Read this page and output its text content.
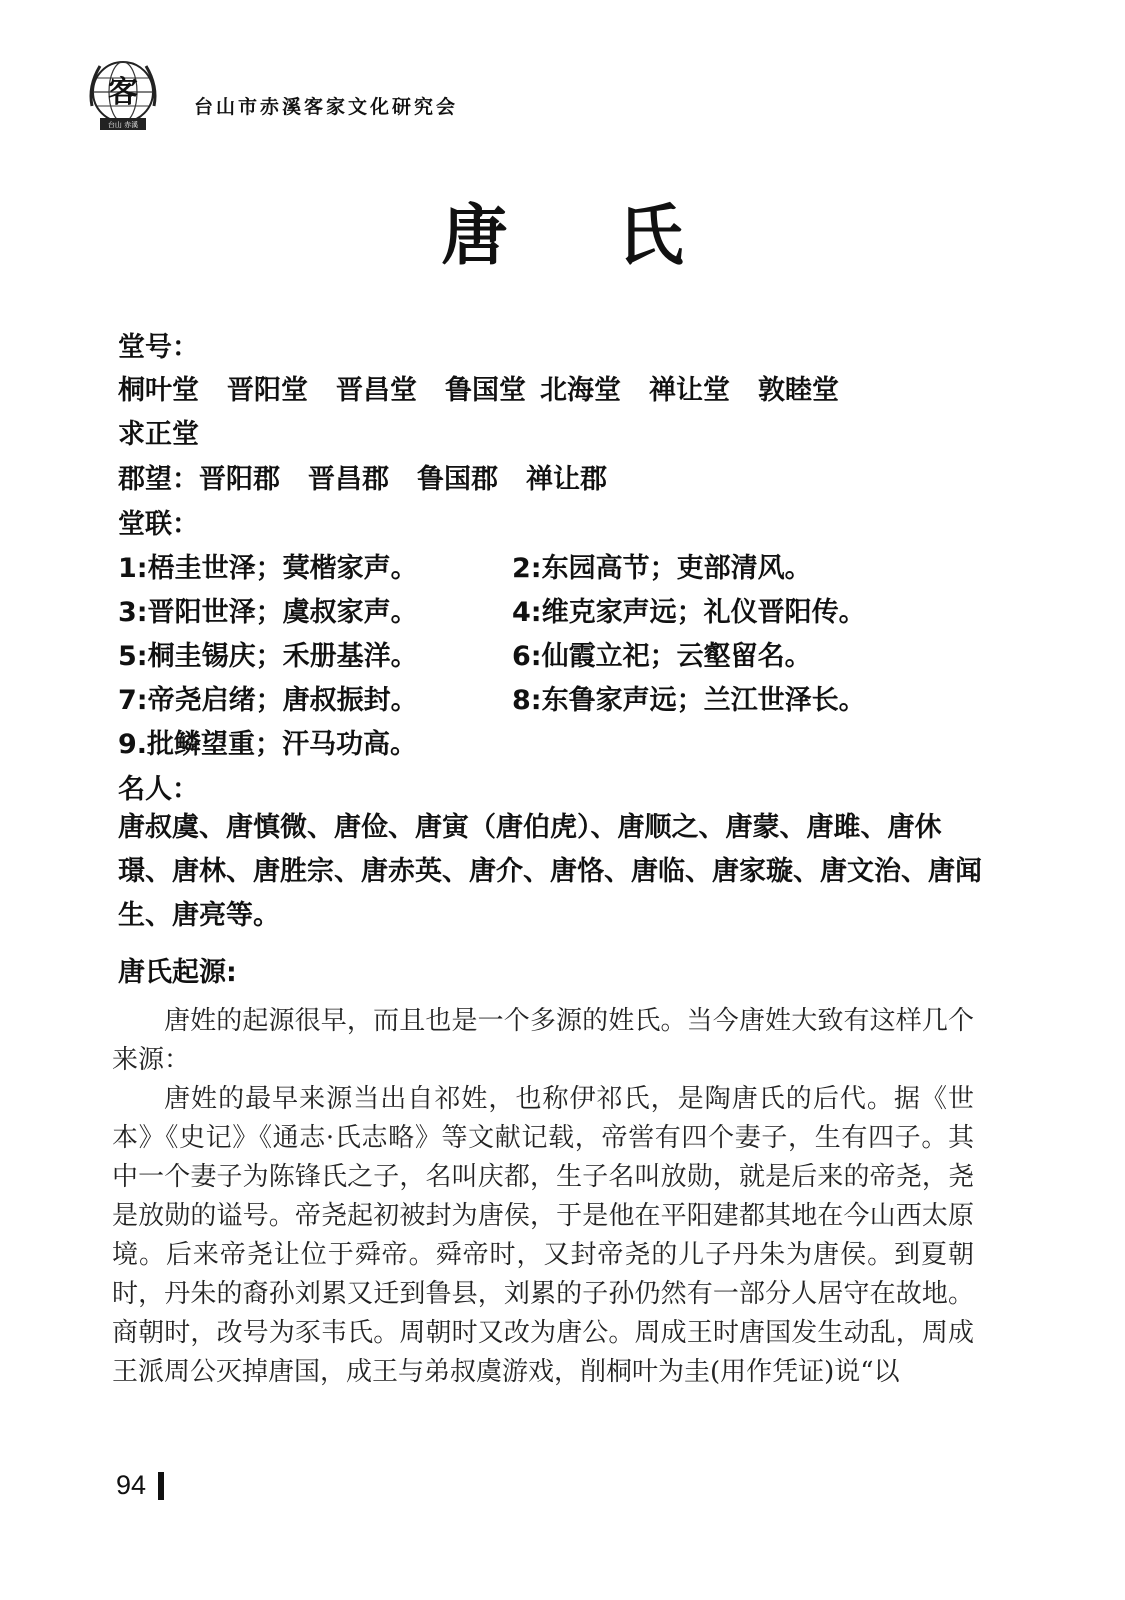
客
台山 赤溪
台山市赤溪客家文化研究会
唐 氏
堂号：
桐叶堂 晋阳堂 晋昌堂 鲁国堂 北海堂 禅让堂 敦睦堂
求正堂
郡望：晋阳郡 晋昌郡 鲁国郡 禅让郡
堂联：
1:梧圭世泽；蓂楷家声。	2:东园高节；吏部清风。
3:晋阳世泽；虞叔家声。	4:维克家声远；礼仪晋阳传。
5:桐圭锡庆；禾册基洋。	6:仙霞立祀；云壑留名。
7:帝尧启绪；唐叔振封。	8:东鲁家声远；兰江世泽长。
9.批鳞望重；汗马功高。
名人：
唐叔虞、唐慎微、唐俭、唐寅（唐伯虎）、唐顺之、唐蒙、唐雎、唐休璟、唐林、唐胜宗、唐赤英、唐介、唐恪、唐临、唐家璇、唐文治、唐闻生、唐亮等。
唐氏起源:
唐姓的起源很早，而且也是一个多源的姓氏。当今唐姓大致有这样几个来源：
唐姓的最早来源当出自祁姓，也称伊祁氏，是陶唐氏的后代。据《世本》《史记》《通志·氏志略》等文献记载，帝喾有四个妻子，生有四子。其中一个妻子为陈锋氏之子，名叫庆都，生子名叫放勋，就是后来的帝尧，尧是放勋的谥号。帝尧起初被封为唐侯，于是他在平阳建都其地在今山西太原境。后来帝尧让位于舜帝。舜帝时，又封帝尧的儿子丹朱为唐侯。到夏朝时，丹朱的裔孙刘累又迁到鲁县，刘累的子孙仍然有一部分人居守在故地。商朝时，改号为豕韦氏。周朝时又改为唐公。周成王时唐国发生动乱，周成王派周公灭掉唐国，成王与弟叔虞游戏，削桐叶为圭(用作凭证)说“以
94
